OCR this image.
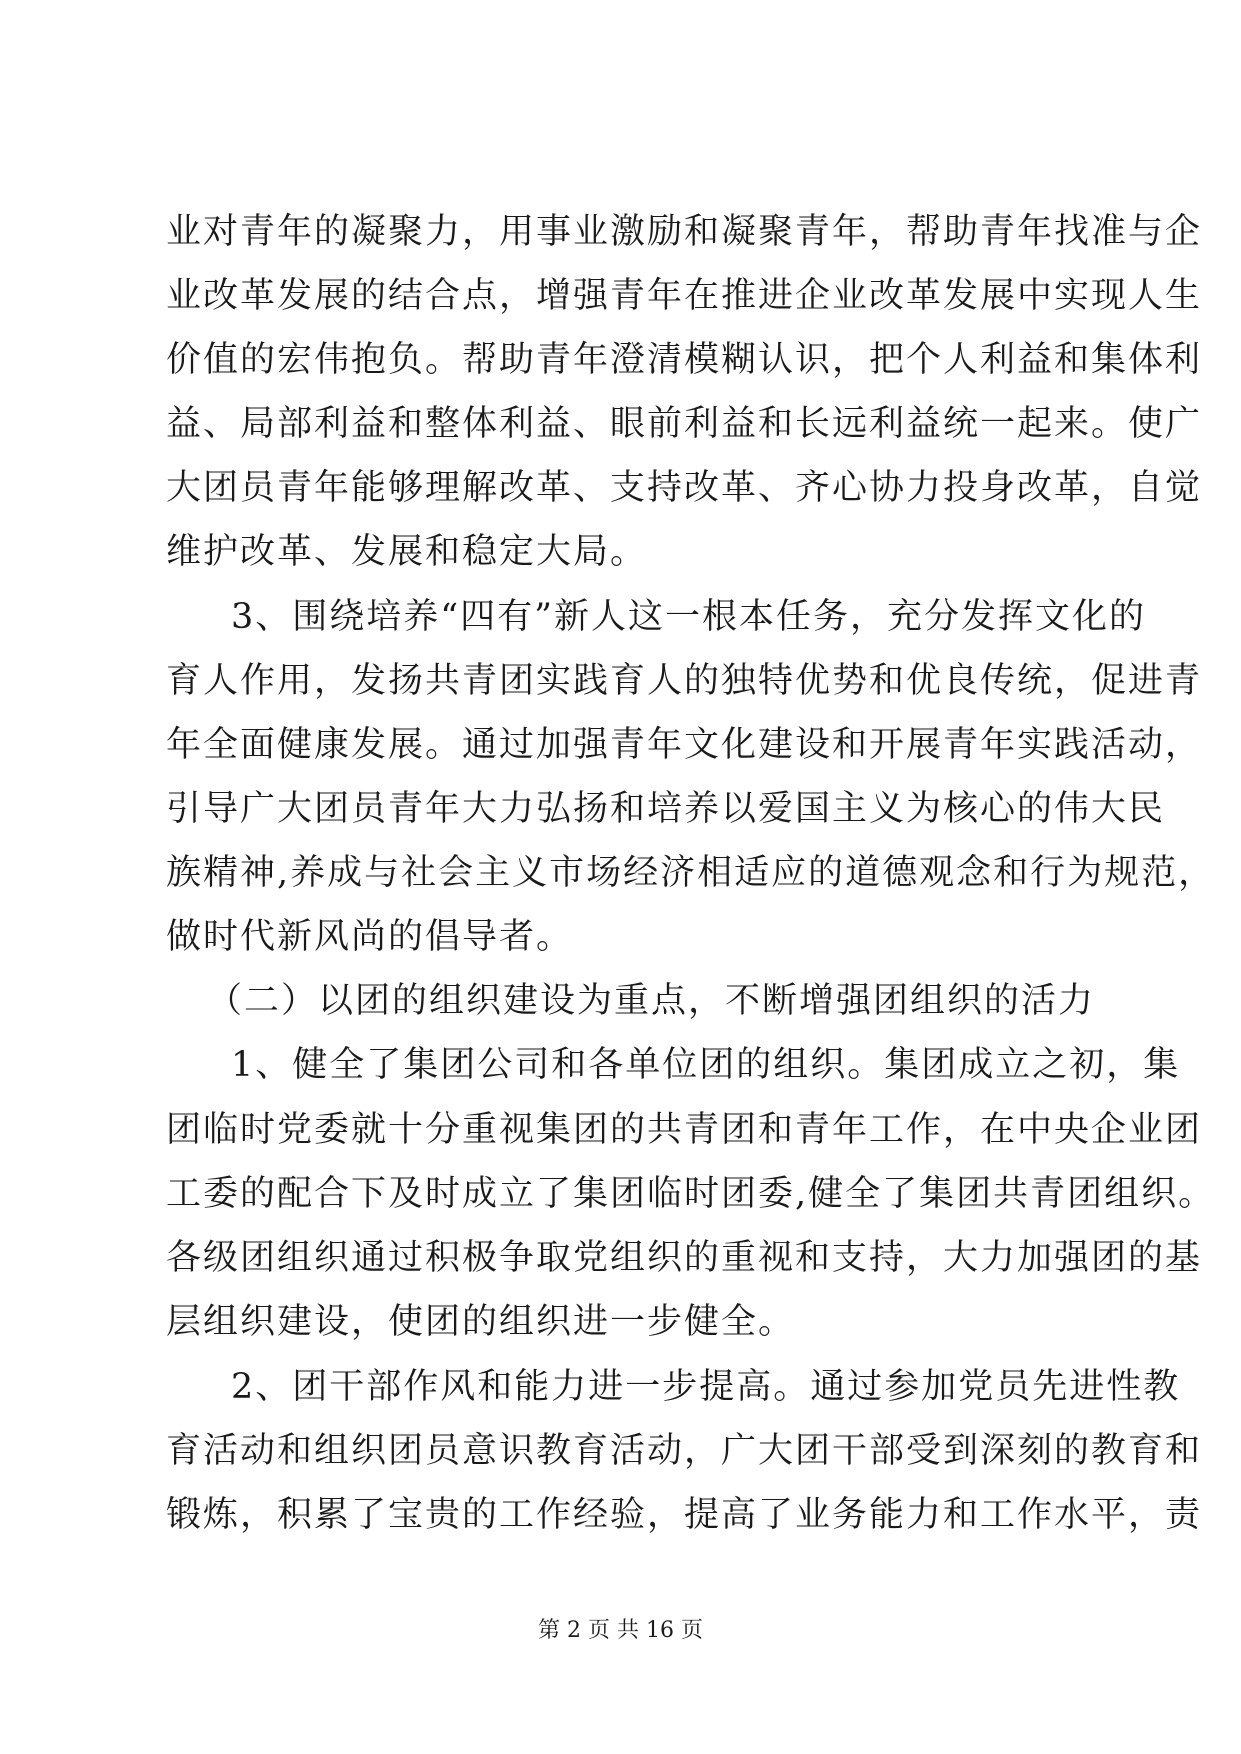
业对青年的凝聚力，用事业激励和凝聚青年，帮助青年找准与企
业改革发展的结合点，增强青年在推进企业改革发展中实现人生
价值的宏伟抱负。帮助青年澄清模糊认识，把个人利益和集体利
益、局部利益和整体利益、眼前利益和长远利益统一起来。使广
大团员青年能够理解改革、支持改革、齐心协力投身改革，自觉
维护改革、发展和稳定大局。
3、围绕培养“四有”新人这一根本任务，充分发挥文化的
育人作用，发扬共青团实践育人的独特优势和优良传统，促进青
年全面健康发展。通过加强青年文化建设和开展青年实践活动，
引导广大团员青年大力弘扬和培养以爱国主义为核心的伟大民
族精神,养成与社会主义市场经济相适应的道德观念和行为规范，
做时代新风尚的倡导者。
（二）以团的组织建设为重点，不断增强团组织的活力
1、健全了集团公司和各单位团的组织。集团成立之初，集
团临时党委就十分重视集团的共青团和青年工作，在中央企业团
工委的配合下及时成立了集团临时团委,健全了集团共青团组织。
各级团组织通过积极争取党组织的重视和支持，大力加强团的基
层组织建设，使团的组织进一步健全。
2、团干部作风和能力进一步提高。通过参加党员先进性教
育活动和组织团员意识教育活动，广大团干部受到深刻的教育和
锻炼，积累了宝贵的工作经验，提高了业务能力和工作水平，责
第 2 页 共 16 页
